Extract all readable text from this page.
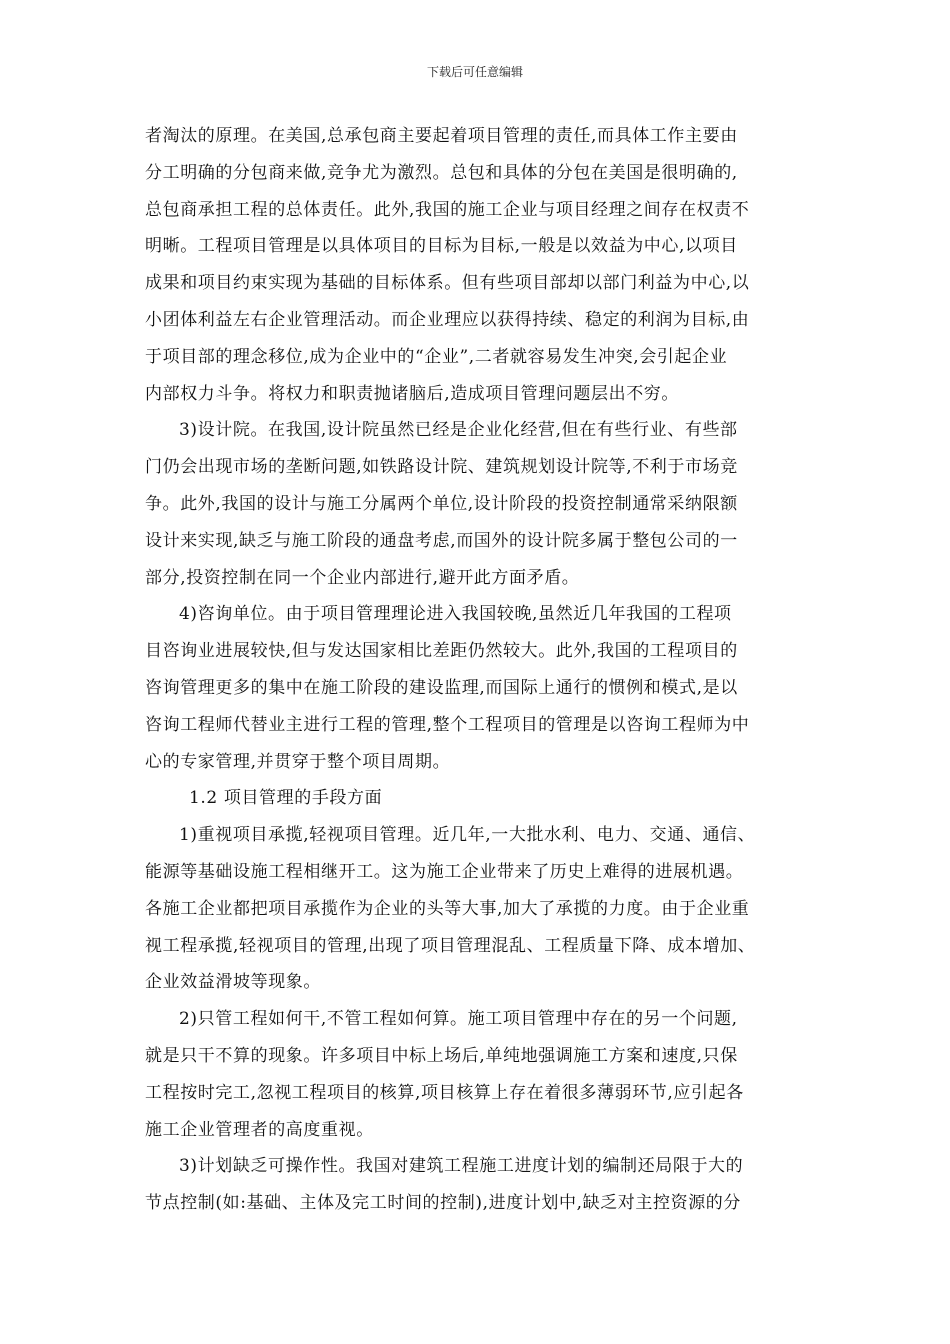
下载后可任意编辑
者淘汰的原理。在美国,总承包商主要起着项目管理的责任,而具体工作主要由
分工明确的分包商来做,竞争尤为激烈。总包和具体的分包在美国是很明确的,
总包商承担工程的总体责任。此外,我国的施工企业与项目经理之间存在权责不
明晰。工程项目管理是以具体项目的目标为目标,一般是以效益为中心,以项目
成果和项目约束实现为基础的目标体系。但有些项目部却以部门利益为中心,以
小团体利益左右企业管理活动。而企业理应以获得持续、稳定的利润为目标,由
于项目部的理念移位,成为企业中的“企业”,二者就容易发生冲突,会引起企业
内部权力斗争。将权力和职责抛诸脑后,造成项目管理问题层出不穷。
3)设计院。在我国,设计院虽然已经是企业化经营,但在有些行业、有些部
门仍会出现市场的垄断问题,如铁路设计院、建筑规划设计院等,不利于市场竞
争。此外,我国的设计与施工分属两个单位,设计阶段的投资控制通常采纳限额
设计来实现,缺乏与施工阶段的通盘考虑,而国外的设计院多属于整包公司的一
部分,投资控制在同一个企业内部进行,避开此方面矛盾。
4)咨询单位。由于项目管理理论进入我国较晚,虽然近几年我国的工程项
目咨询业进展较快,但与发达国家相比差距仍然较大。此外,我国的工程项目的
咨询管理更多的集中在施工阶段的建设监理,而国际上通行的惯例和模式,是以
咨询工程师代替业主进行工程的管理,整个工程项目的管理是以咨询工程师为中
心的专家管理,并贯穿于整个项目周期。
1.2 项目管理的手段方面
1)重视项目承揽,轻视项目管理。近几年,一大批水利、电力、交通、通信、
能源等基础设施工程相继开工。这为施工企业带来了历史上难得的进展机遇。
各施工企业都把项目承揽作为企业的头等大事,加大了承揽的力度。由于企业重
视工程承揽,轻视项目的管理,出现了项目管理混乱、工程质量下降、成本增加、
企业效益滑坡等现象。
2)只管工程如何干,不管工程如何算。施工项目管理中存在的另一个问题,
就是只干不算的现象。许多项目中标上场后,单纯地强调施工方案和速度,只保
工程按时完工,忽视工程项目的核算,项目核算上存在着很多薄弱环节,应引起各
施工企业管理者的高度重视。
3)计划缺乏可操作性。我国对建筑工程施工进度计划的编制还局限于大的
节点控制(如:基础、主体及完工时间的控制),进度计划中,缺乏对主控资源的分
